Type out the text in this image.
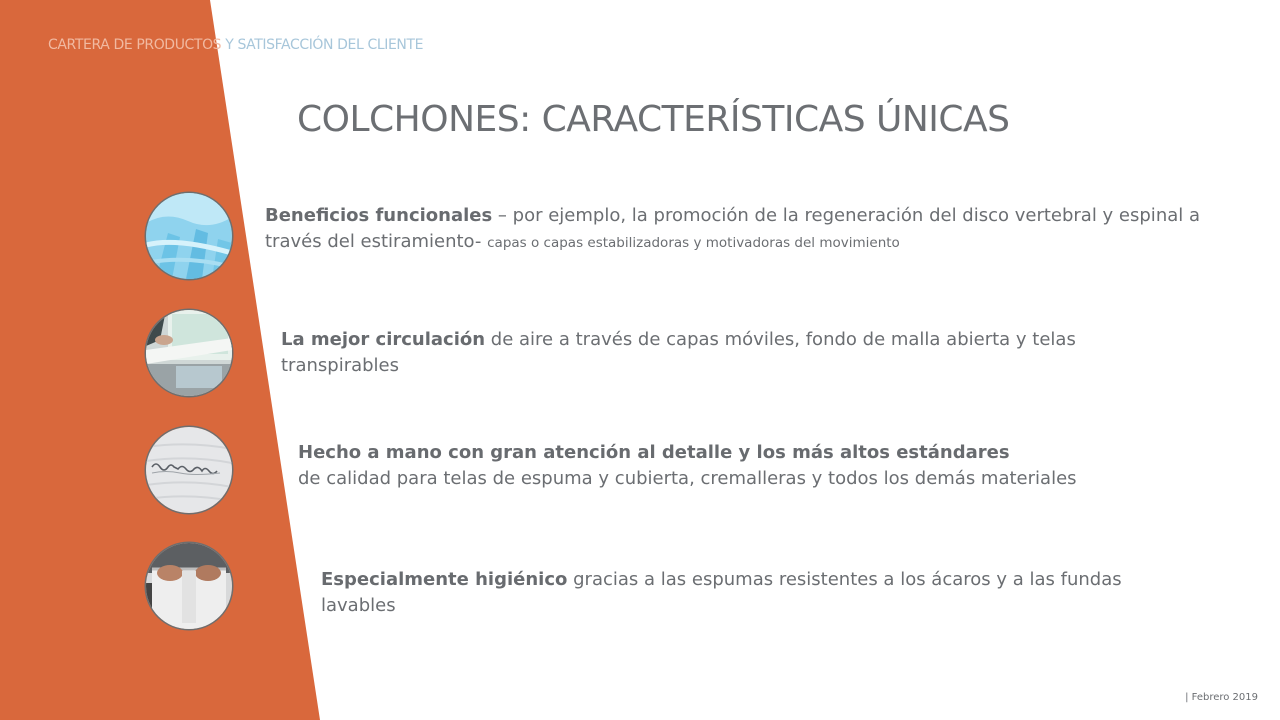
CARTERA DE PRODUCTOS Y SATISFACCIÓN DEL CLIENTE

COLCHONES: CARACTERÍSTICAS ÚNICAS

Beneficios funcionales – por ejemplo, la promoción de la regeneración del disco vertebral y espinal a través del estiramiento- capas o capas estabilizadoras y motivadoras del movimiento

La mejor circulación de aire a través de capas móviles, fondo de malla abierta y telas transpirables

Hecho a mano con gran atención al detalle y los más altos estándares
de calidad para telas de espuma y cubierta, cremalleras y todos los demás materiales

Especialmente higiénico gracias a las espumas resistentes a los ácaros y a las fundas lavables

| Febrero 2019
